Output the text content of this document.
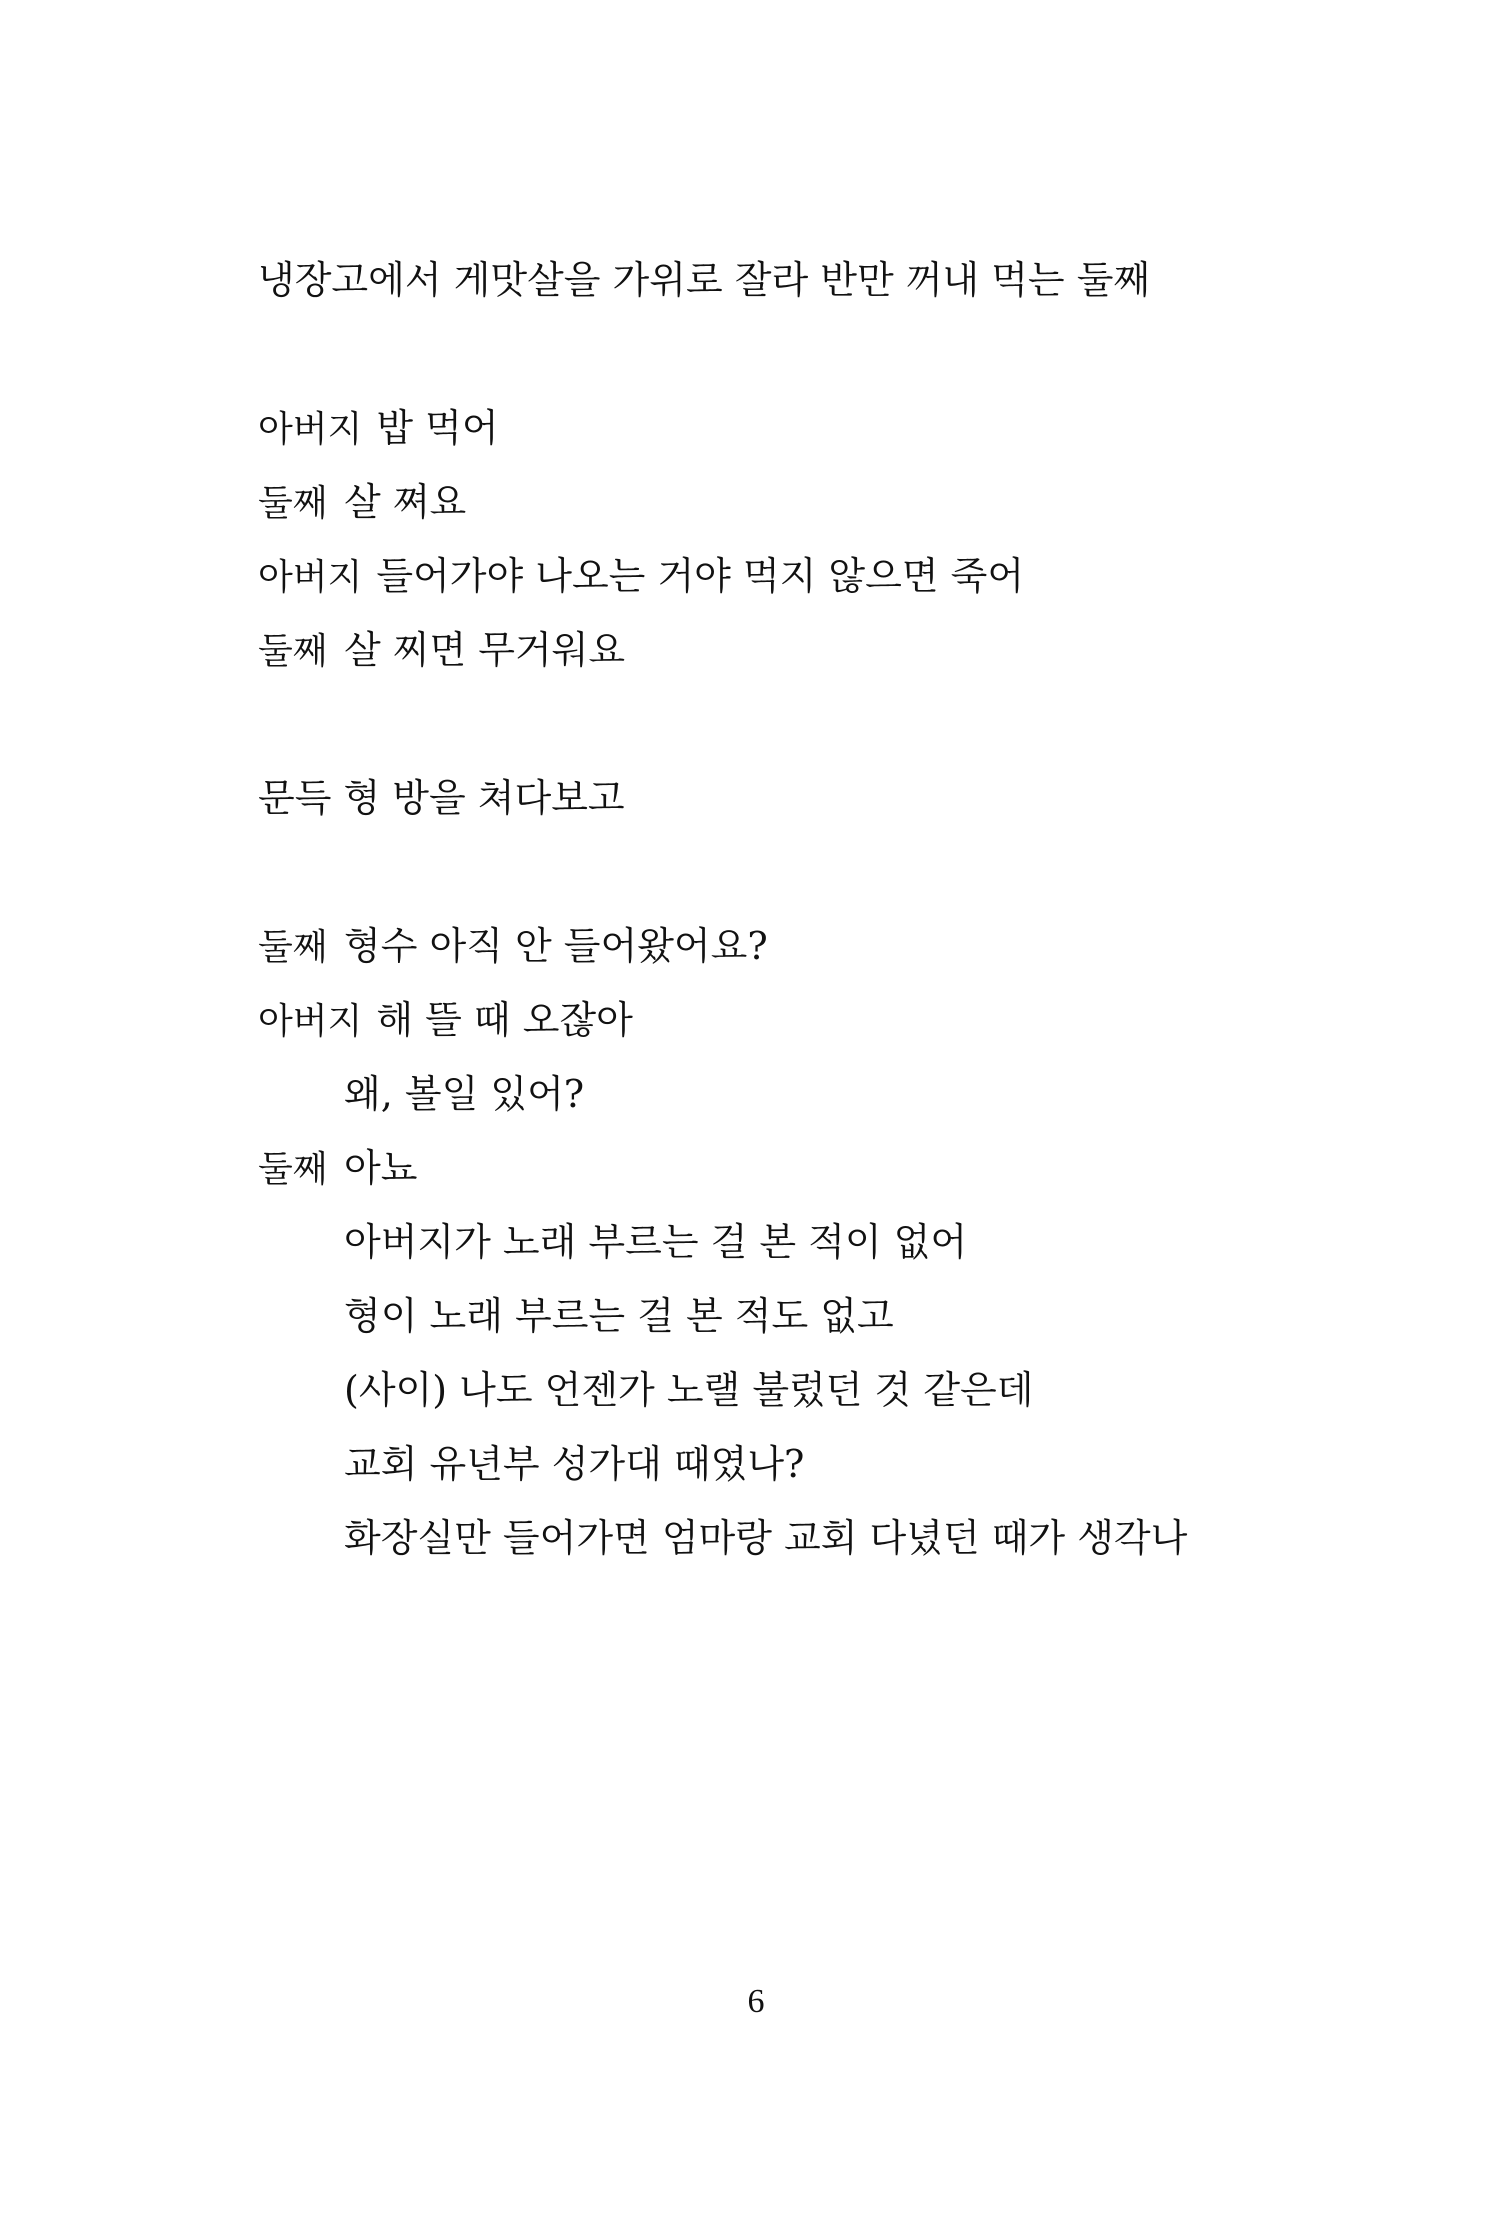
냉장고에서 게맛살을 가위로 잘라 반만 꺼내 먹는 둘째
아버지 밥 먹어
둘째 살 쪄요
아버지 들어가야 나오는 거야 먹지 않으면 죽어
둘째 살 찌면 무거워요
문득 형 방을 쳐다보고
둘째 형수 아직 안 들어왔어요?
아버지 해 뜰 때 오잖아
왜, 볼일 있어?
둘째 아뇨
아버지가 노래 부르는 걸 본 적이 없어
형이 노래 부르는 걸 본 적도 없고
(사이) 나도 언젠가 노랠 불렀던 것 같은데
교회 유년부 성가대 때였나?
화장실만 들어가면 엄마랑 교회 다녔던 때가 생각나
6
